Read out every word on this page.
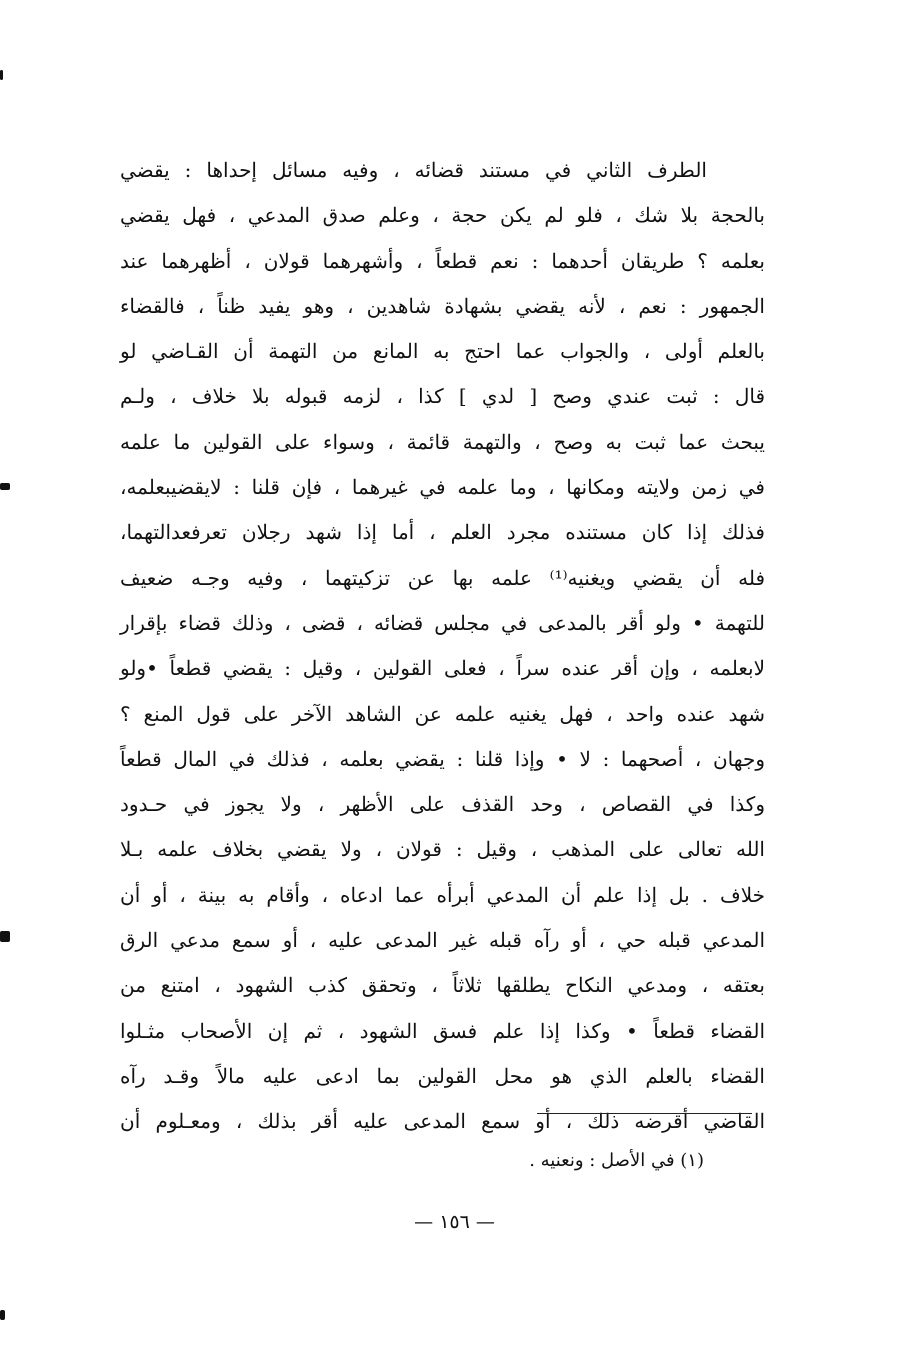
الطرف الثاني في مستند قضائه ، وفيه مسائل إحداها : يقضي
بالحجة بلا شك ، فلو لم يكن حجة ، وعلم صدق المدعي ، فهل يقضي
بعلمه ؟ طريقان أحدهما : نعم قطعاً ، وأشهرهما قولان ، أظهرهما عند
الجمهور : نعم ، لأنه يقضي بشهادة شاهدين ، وهو يفيد ظناً ، فالقضاء
بالعلم أولى ، والجواب عما احتج به المانع من التهمة أن القـاضي لو
قال : ثبت عندي وصح [ لدي ] كذا ، لزمه قبوله بلا خلاف ، ولـم
يبحث عما ثبت به وصح ، والتهمة قائمة ، وسواء على القولين ما علمه
في زمن ولايته ومكانها ، وما علمه في غيرهما ، فإن قلنا : لايقضيبعلمه،
فذلك إذا كان مستنده مجرد العلم ، أما إذا شهد رجلان تعرفعدالتهما،
فله أن يقضي ويغنيه⁽¹⁾ علمه بها عن تزكيتهما ، وفيه وجـه ضعيف
للتهمة • ولو أقر بالمدعى في مجلس قضائه ، قضى ، وذلك قضاء بإقرار
لابعلمه ، وإن أقر عنده سراً ، فعلى القولين ، وقيل : يقضي قطعاً •ولو
شهد عنده واحد ، فهل يغنيه علمه عن الشاهد الآخر على قول المنع ؟
وجهان ، أصحهما : لا • وإذا قلنا : يقضي بعلمه ، فذلك في المال قطعاً
وكذا في القصاص ، وحد القذف على الأظهر ، ولا يجوز في حـدود
الله تعالى على المذهب ، وقيل : قولان ، ولا يقضي بخلاف علمه بـلا
خلاف . بل إذا علم أن المدعي أبرأه عما ادعاه ، وأقام به بينة ، أو أن
المدعي قبله حي ، أو رآه قبله غير المدعى عليه ، أو سمع مدعي الرق
بعتقه ، ومدعي النكاح يطلقها ثلاثاً ، وتحقق كذب الشهود ، امتنع من
القضاء قطعاً • وكذا إذا علم فسق الشهود ، ثم إن الأصحاب مثـلوا
القضاء بالعلم الذي هو محل القولين بما ادعى عليه مالاً وقـد رآه
القاضي أقرضه ذلك ، أو سمع المدعى عليه أقر بذلك ، ومعـلوم أن
(١) في الأصل : ونعنيه .
— ١٥٦ —
